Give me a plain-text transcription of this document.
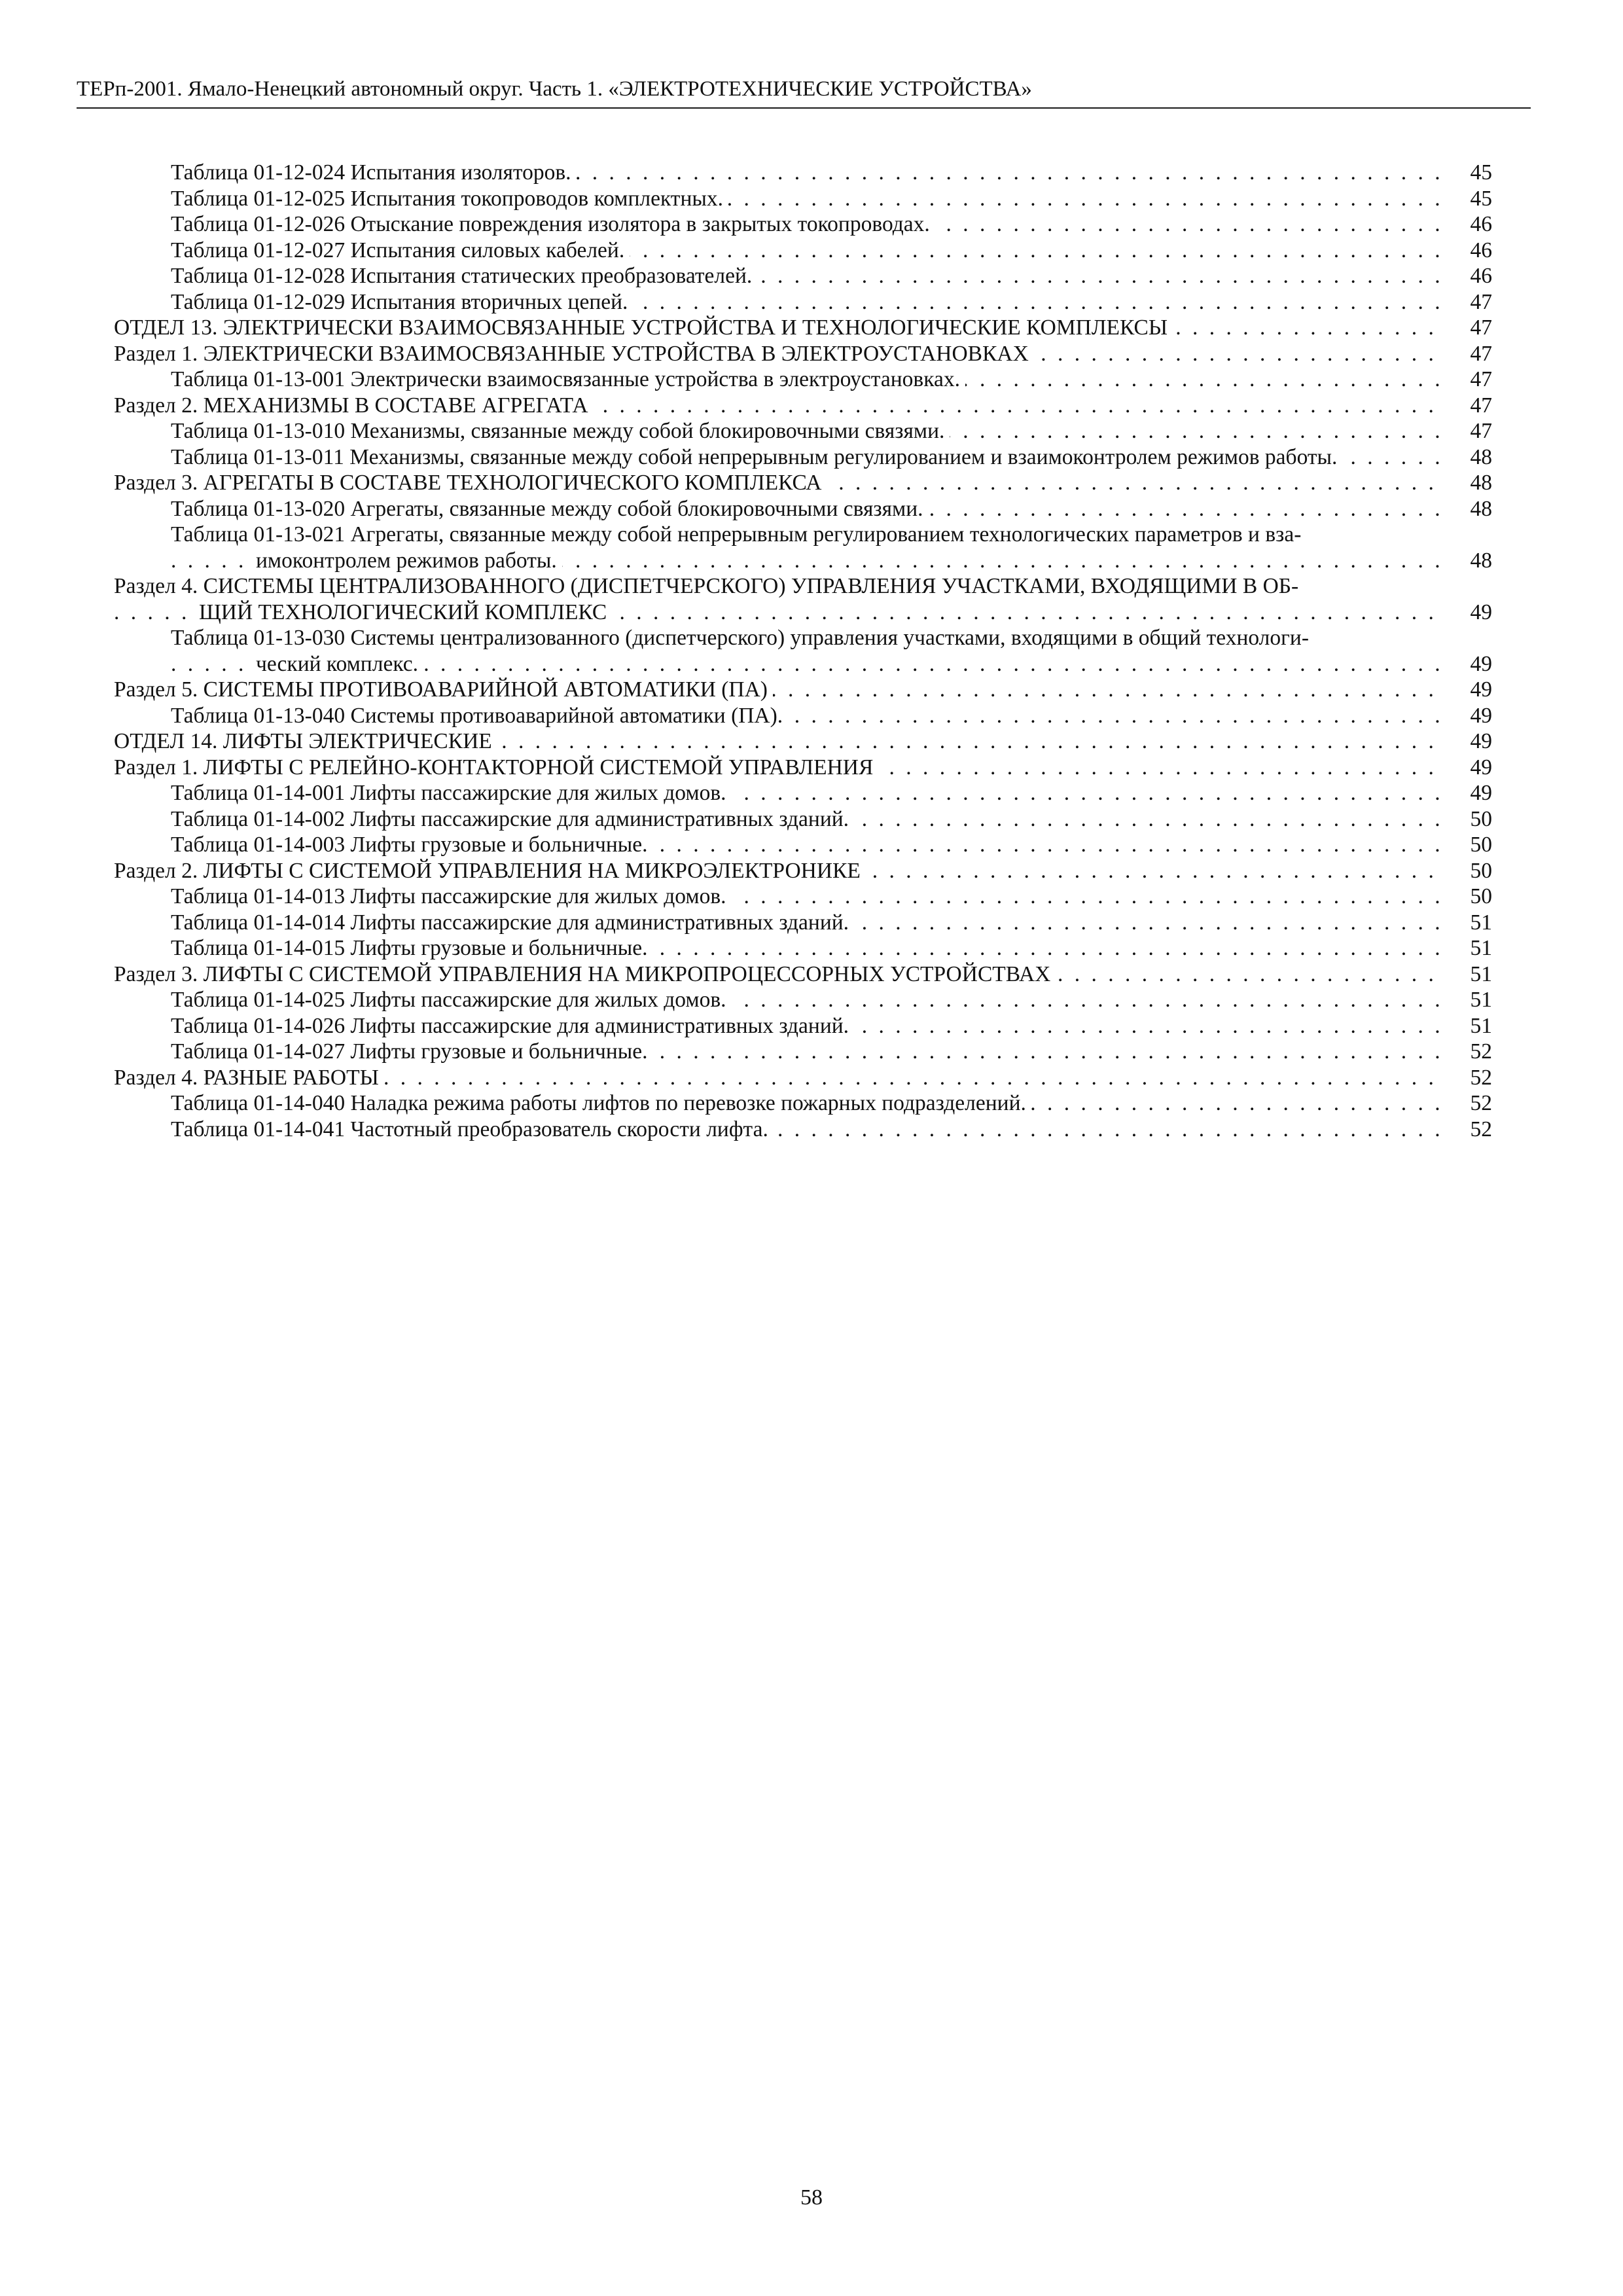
ТЕРп-2001. Ямало-Ненецкий автономный округ. Часть 1. «ЭЛЕКТРОТЕХНИЧЕСКИЕ УСТРОЙСТВА»
Таблица 01-12-024 Испытания изоляторов. . . .	45
Таблица 01-12-025 Испытания токопроводов комплектных. . . .	45
Таблица 01-12-026 Отыскание повреждения изолятора в закрытых токопроводах. . . .	46
Таблица 01-12-027 Испытания силовых кабелей. . . .	46
Таблица 01-12-028 Испытания статических преобразователей. . . .	46
Таблица 01-12-029 Испытания вторичных цепей. . . .	47
ОТДЕЛ 13. ЭЛЕКТРИЧЕСКИ ВЗАИМОСВЯЗАННЫЕ УСТРОЙСТВА И ТЕХНОЛОГИЧЕСКИЕ КОМПЛЕКСЫ . . .	47
Раздел 1. ЭЛЕКТРИЧЕСКИ ВЗАИМОСВЯЗАННЫЕ УСТРОЙСТВА В ЭЛЕКТРОУСТАНОВКАХ . . .	47
Таблица 01-13-001 Электрически взаимосвязанные устройства в электроустановках. . . .	47
Раздел 2. МЕХАНИЗМЫ В СОСТАВЕ АГРЕГАТА . . .	47
Таблица 01-13-010 Механизмы, связанные между собой блокировочными связями. . . .	47
Таблица 01-13-011 Механизмы, связанные между собой непрерывным регулированием и взаимоконтролем режимов работы. . . .	48
Раздел 3. АГРЕГАТЫ В СОСТАВЕ ТЕХНОЛОГИЧЕСКОГО КОМПЛЕКСА . . .	48
Таблица 01-13-020 Агрегаты, связанные между собой блокировочными связями. . . .	48
Таблица 01-13-021 Агрегаты, связанные между собой непрерывным регулированием технологических параметров и вза-
имоконтролем режимов работы. . . .	48
Раздел 4. СИСТЕМЫ ЦЕНТРАЛИЗОВАННОГО (ДИСПЕТЧЕРСКОГО) УПРАВЛЕНИЯ УЧАСТКАМИ, ВХОДЯЩИМИ В ОБ-
ЩИЙ ТЕХНОЛОГИЧЕСКИЙ КОМПЛЕКС . . .	49
Таблица 01-13-030 Системы централизованного (диспетчерского) управления участками, входящими в общий технологи-
ческий комплекс. . . .	49
Раздел 5. СИСТЕМЫ ПРОТИВОАВАРИЙНОЙ АВТОМАТИКИ (ПА) . . .	49
Таблица 01-13-040 Системы противоаварийной автоматики (ПА). . . .	49
ОТДЕЛ 14. ЛИФТЫ ЭЛЕКТРИЧЕСКИЕ . . .	49
Раздел 1. ЛИФТЫ С РЕЛЕЙНО-КОНТАКТОРНОЙ СИСТЕМОЙ УПРАВЛЕНИЯ . . .	49
Таблица 01-14-001 Лифты пассажирские для жилых домов. . . .	49
Таблица 01-14-002 Лифты пассажирские для административных зданий. . . .	50
Таблица 01-14-003 Лифты грузовые и больничные. . . .	50
Раздел 2. ЛИФТЫ С СИСТЕМОЙ УПРАВЛЕНИЯ НА МИКРОЭЛЕКТРОНИКЕ . . .	50
Таблица 01-14-013 Лифты пассажирские для жилых домов. . . .	50
Таблица 01-14-014 Лифты пассажирские для административных зданий. . . .	51
Таблица 01-14-015 Лифты грузовые и больничные. . . .	51
Раздел 3. ЛИФТЫ С СИСТЕМОЙ УПРАВЛЕНИЯ НА МИКРОПРОЦЕССОРНЫХ УСТРОЙСТВАХ . . .	51
Таблица 01-14-025 Лифты пассажирские для жилых домов. . . .	51
Таблица 01-14-026 Лифты пассажирские для административных зданий. . . .	51
Таблица 01-14-027 Лифты грузовые и больничные. . . .	52
Раздел 4. РАЗНЫЕ РАБОТЫ . . .	52
Таблица 01-14-040 Наладка режима работы лифтов по перевозке пожарных подразделений. . . .	52
Таблица 01-14-041 Частотный преобразователь скорости лифта. . . .	52
58
